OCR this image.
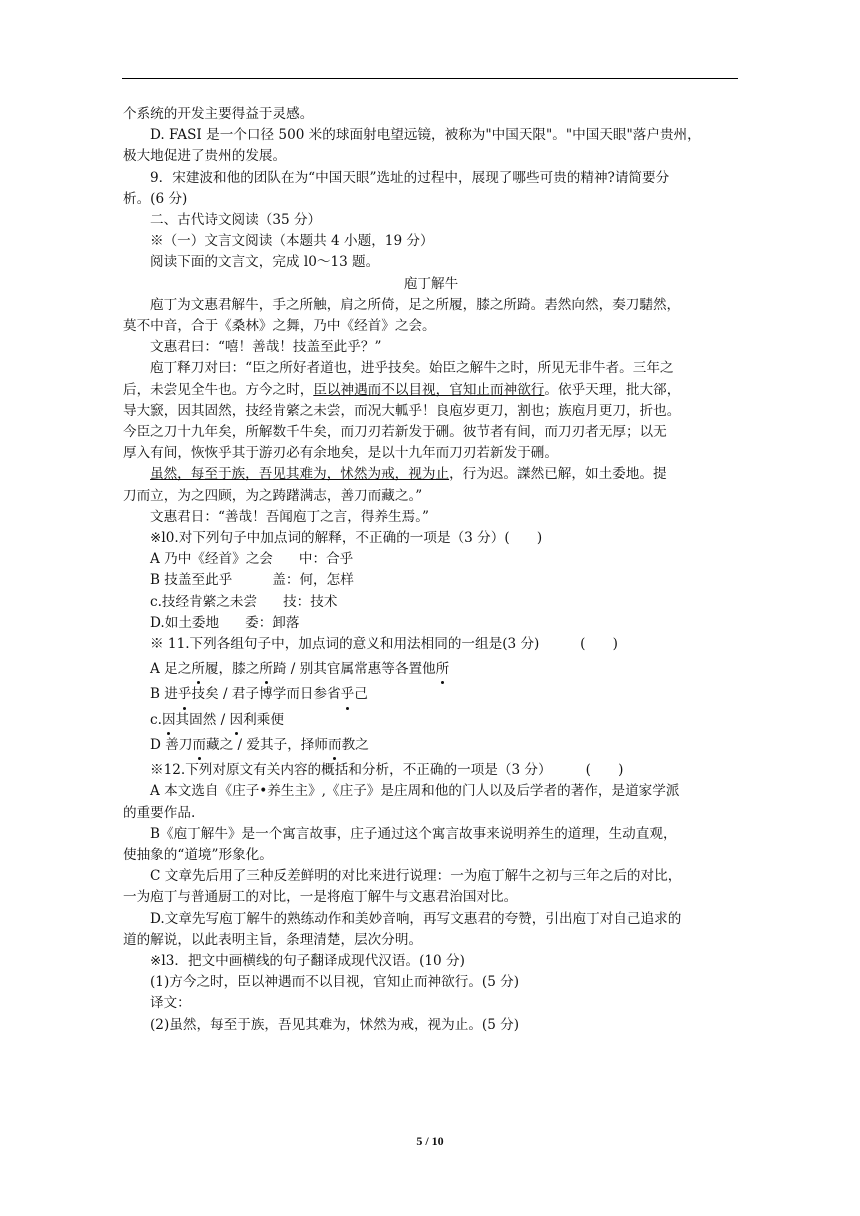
个系统的开发主要得益于灵感。

D. FASI 是一个口径 500 米的球面射电望远镜，被称为"中国天限"。"中国天眼"落户贵州，

极大地促进了贵州的发展。

9．宋建波和他的团队在为“中国天眼”选址的过程中，展现了哪些可贵的精神?请简要分

析。(6 分)

二、古代诗文阅读（35 分）

※（一）文言文阅读（本题共 4 小题，19 分）

阅读下面的文言文，完成 l0～13 题。

庖丁解牛

庖丁为文惠君解牛，手之所触，肩之所倚，足之所履，膝之所踦。砉然向然，奏刀騞然，

莫不中音，合于《桑林》之舞，乃中《经首》之会。

文惠君曰：“嘻！善哉！技盖至此乎？”

庖丁释刀对曰：“臣之所好者道也，进乎技矣。始臣之解牛之时，所见无非牛者。三年之

后，未尝见全牛也。方今之时，臣以神遇而不以目视，官知止而神欲行。依乎天理，批大郤，

导大窾，因其固然，技经肯綮之未尝，而况大軱乎！良庖岁更刀，割也；族庖月更刀，折也。

今臣之刀十九年矣，所解数千牛矣，而刀刃若新发于硎。彼节者有间，而刀刃者无厚；以无

厚入有间，恢恢乎其于游刃必有余地矣，是以十九年而刀刃若新发于硎。

虽然，每至于族，吾见其难为，怵然为戒，视为止，行为迟。謋然已解，如土委地。提

刀而立，为之四顾，为之踌躇满志，善刀而藏之。”

文惠君日：“善哉！吾闻庖丁之言，得养生焉。”

※l0.对下列句子中加点词的解释，不正确的一项是（3 分）(　　)

A 乃中《经首》之会 中：合乎

B 技盖至此乎	盖：何，怎样

c.技经肯綮之未尝 技：技术

D.如土委地 委：卸落

※ 11.下列各组句子中，加点词的意义和用法相同的一组是(3 分)　　　(　　)

A 足之所履，膝之所踦 / 别其官属常惠等各置他所

B 进乎技矣 / 君子博学而日参省乎己

c.因其固然 / 因利乘便

D 善刀而藏之 / 爱其子，择师而教之

※12.下列对原文有关内容的概括和分析，不正确的一项是（3 分）　　　(　　)

A 本文选自《庄子•养生主》,《庄子》是庄周和他的门人以及后学者的著作，是道家学派

的重要作品.

B《庖丁解牛》是一个寓言故事，庄子通过这个寓言故事来说明养生的道理，生动直观，

使抽象的“道境”形象化。

C 文章先后用了三种反差鲜明的对比来进行说理：一为庖丁解牛之初与三年之后的对比，

一为庖丁与普通厨工的对比，一是将庖丁解牛与文惠君治国对比。

D.文章先写庖丁解牛的熟练动作和美妙音响，再写文惠君的夸赞，引出庖丁对自己追求的

道的解说，以此表明主旨，条理清楚，层次分明。

※l3．把文中画横线的句子翻译成现代汉语。(10 分)

(1)方今之时，臣以神遇而不以目视，官知止而神欲行。(5 分)

译文：

(2)虽然，每至于族，吾见其难为，怵然为戒，视为止。(5 分)

5 / 10
